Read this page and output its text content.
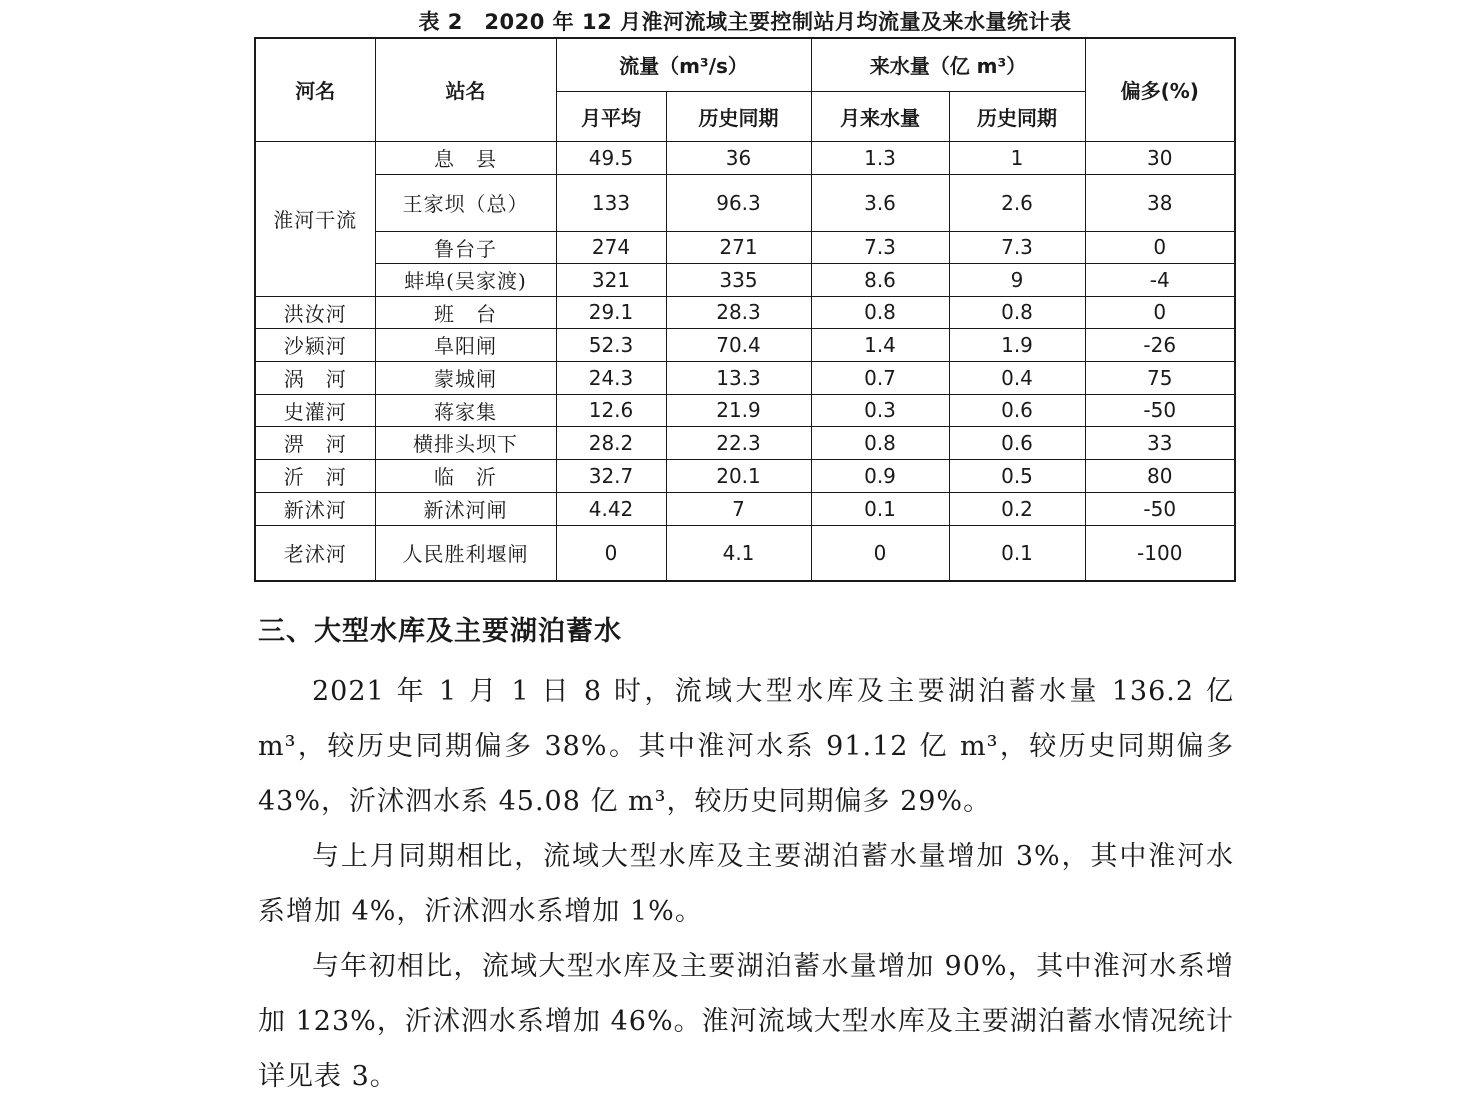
表 2　2020 年 12 月淮河流域主要控制站月均流量及来水量统计表
河名	站名	流量（m³/s）		来水量（亿 m³）		偏多(%)
		月平均	历史同期	月来水量	历史同期	
淮河干流	息　县	49.5	36	1.3	1	30
	王家坝（总）	133	96.3	3.6	2.6	38
	鲁台子	274	271	7.3	7.3	0
	蚌埠(吴家渡)	321	335	8.6	9	-4
洪汝河	班　台	29.1	28.3	0.8	0.8	0
沙颍河	阜阳闸	52.3	70.4	1.4	1.9	-26
涡　河	蒙城闸	24.3	13.3	0.7	0.4	75
史灌河	蒋家集	12.6	21.9	0.3	0.6	-50
淠　河	横排头坝下	28.2	22.3	0.8	0.6	33
沂　河	临　沂	32.7	20.1	0.9	0.5	80
新沭河	新沭河闸	4.42	7	0.1	0.2	-50
老沭河	人民胜利堰闸	0	4.1	0	0.1	-100
三、大型水库及主要湖泊蓄水

2021 年 1 月 1 日 8 时，流域大型水库及主要湖泊蓄水量 136.2 亿 m³，较历史同期偏多 38%。其中淮河水系 91.12 亿 m³，较历史同期偏多 43%，沂沭泗水系 45.08 亿 m³，较历史同期偏多 29%。

与上月同期相比，流域大型水库及主要湖泊蓄水量增加 3%，其中淮河水系增加 4%，沂沭泗水系增加 1%。

与年初相比，流域大型水库及主要湖泊蓄水量增加 90%，其中淮河水系增加 123%，沂沭泗水系增加 46%。淮河流域大型水库及主要湖泊蓄水情况统计详见表 3。
